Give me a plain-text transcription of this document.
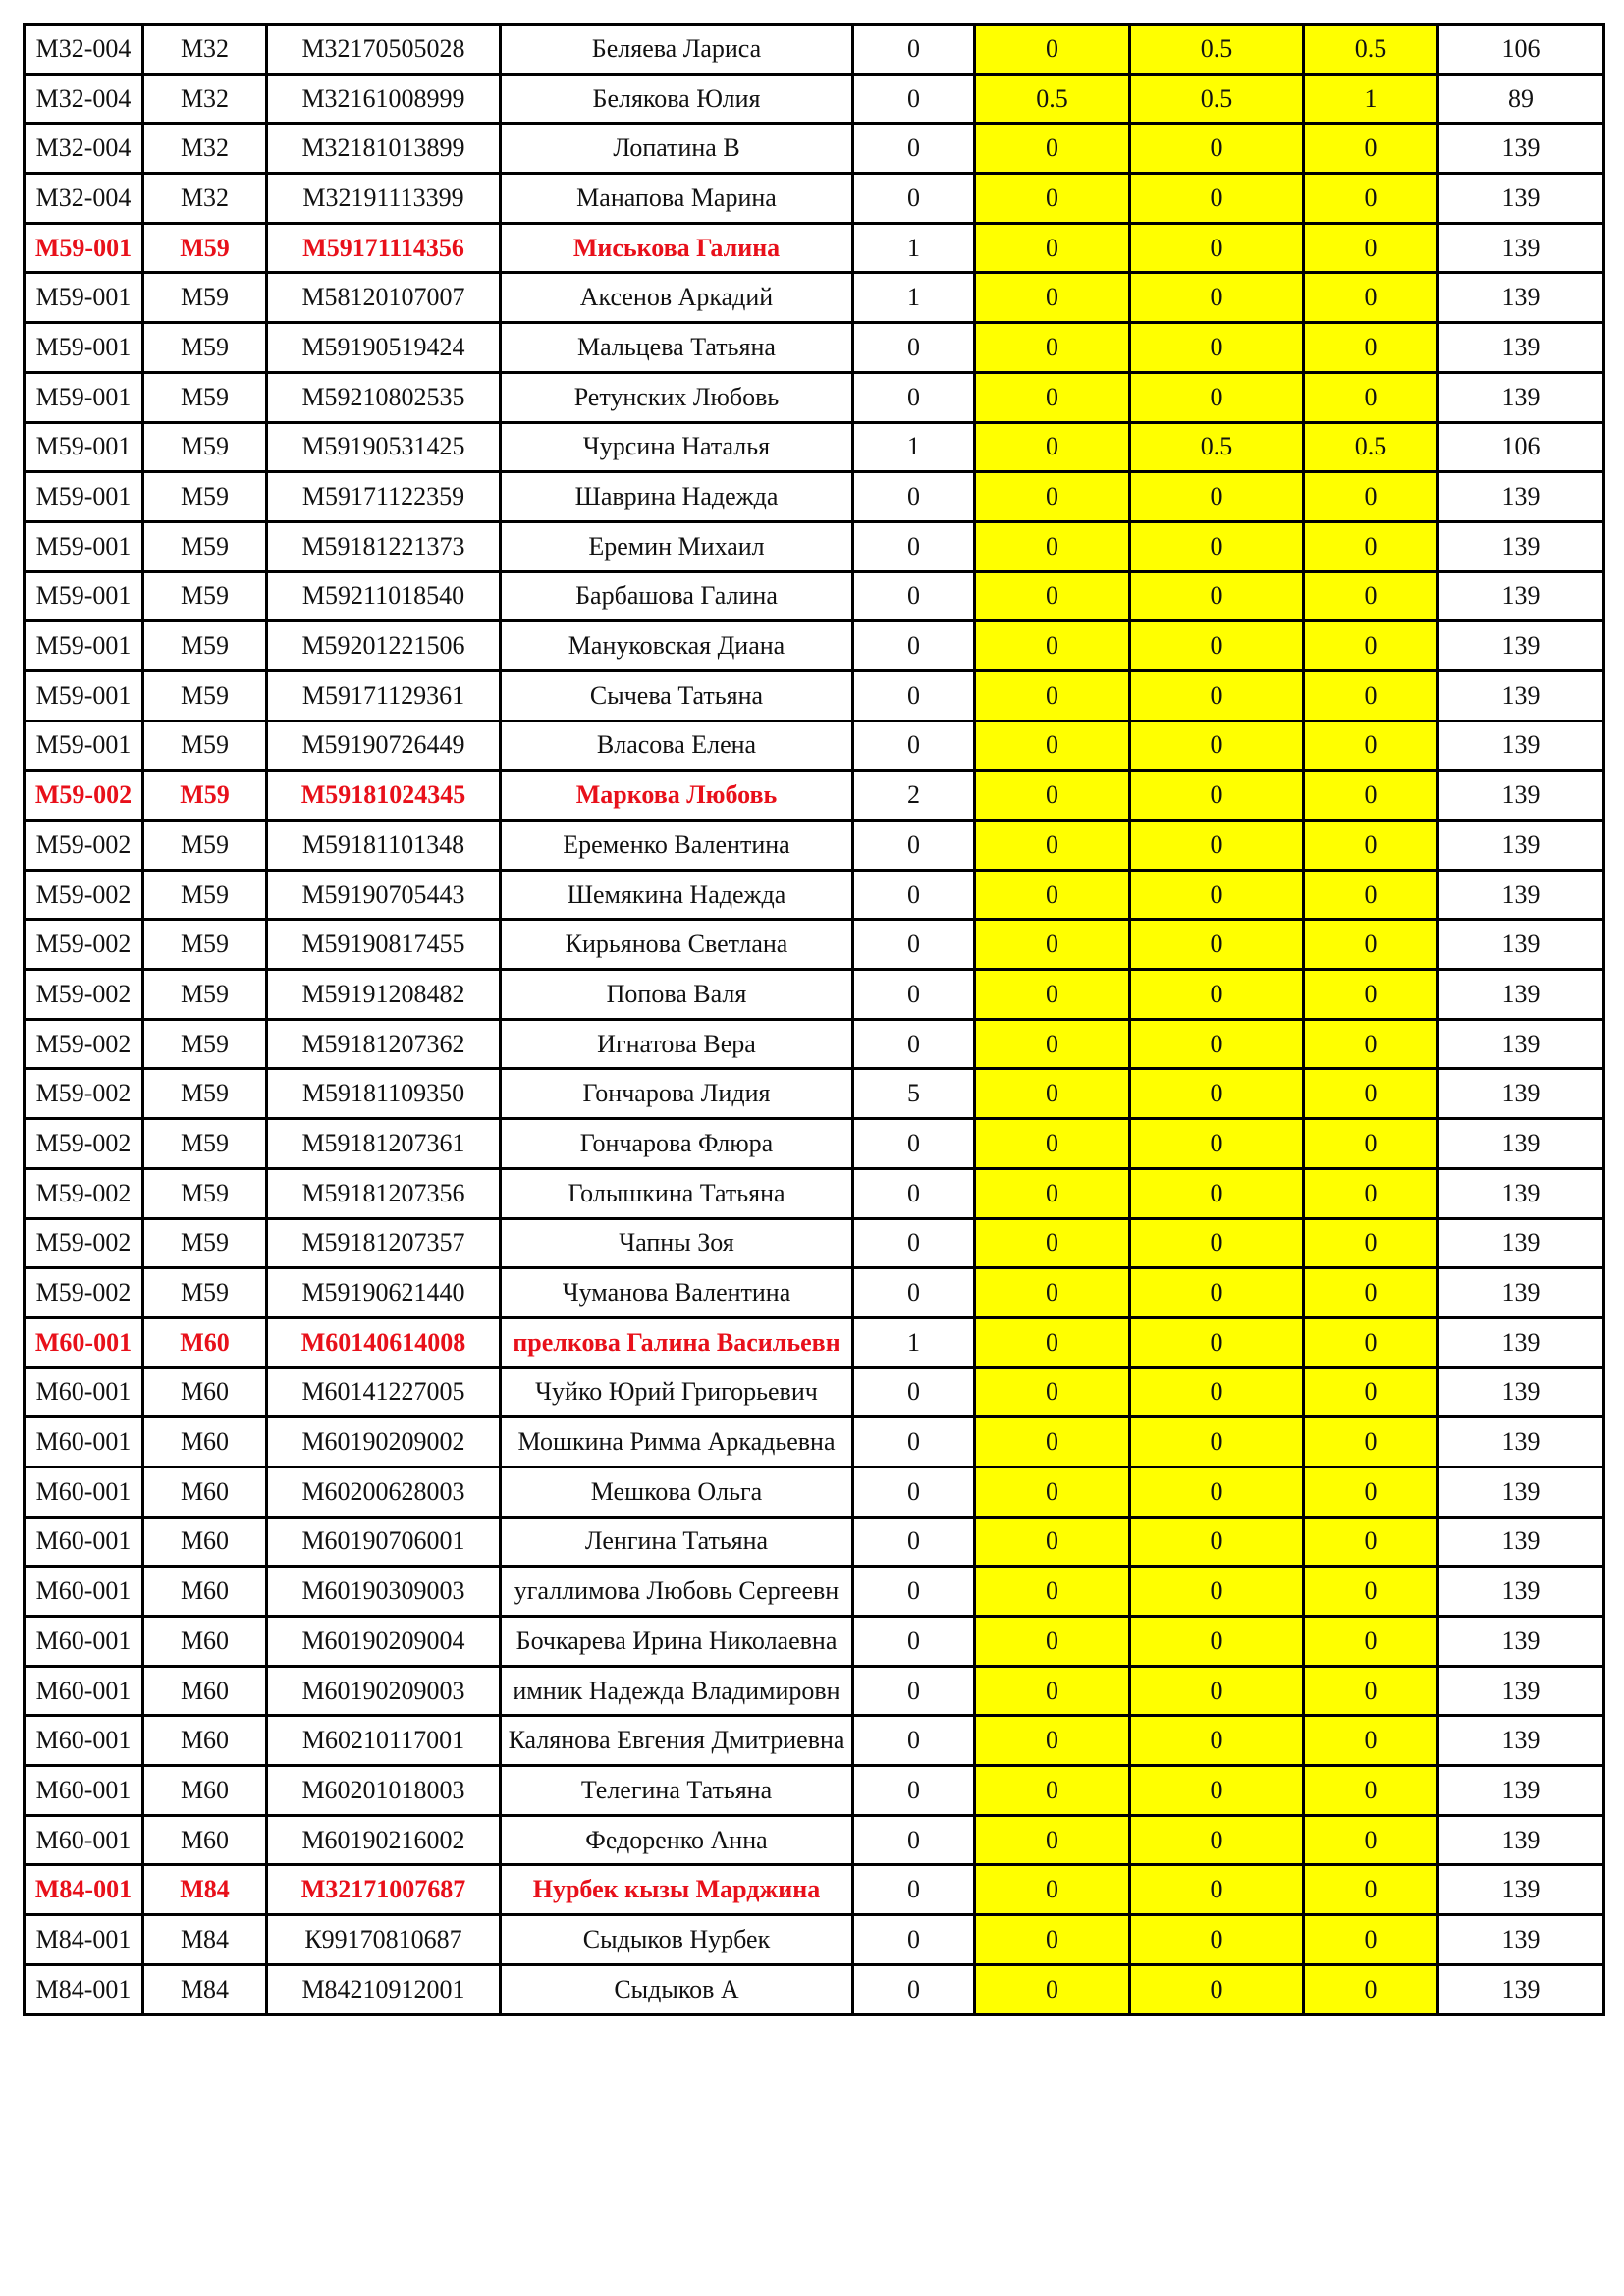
М32-004	М32	М32170505028	Беляева Лариса	0	0	0.5	0.5	106
М32-004	М32	М32161008999	Белякова Юлия	0	0.5	0.5	1	89
М32-004	М32	М32181013899	Лопатина В	0	0	0	0	139
М32-004	М32	М32191113399	Манапова Марина	0	0	0	0	139
М59-001	М59	М59171114356	Миськова Галина	1	0	0	0	139
М59-001	М59	М58120107007	Аксенов Аркадий	1	0	0	0	139
М59-001	М59	М59190519424	Мальцева Татьяна	0	0	0	0	139
М59-001	М59	М59210802535	Ретунских Любовь	0	0	0	0	139
М59-001	М59	М59190531425	Чурсина Наталья	1	0	0.5	0.5	106
М59-001	М59	М59171122359	Шаврина Надежда	0	0	0	0	139
М59-001	М59	М59181221373	Еремин Михаил	0	0	0	0	139
М59-001	М59	М59211018540	Барбашова Галина	0	0	0	0	139
М59-001	М59	М59201221506	Мануковская Диана	0	0	0	0	139
М59-001	М59	М59171129361	Сычева Татьяна	0	0	0	0	139
М59-001	М59	М59190726449	Власова Елена	0	0	0	0	139
М59-002	М59	М59181024345	Маркова Любовь	2	0	0	0	139
М59-002	М59	М59181101348	Еременко Валентина	0	0	0	0	139
М59-002	М59	М59190705443	Шемякина Надежда	0	0	0	0	139
М59-002	М59	М59190817455	Кирьянова Светлана	0	0	0	0	139
М59-002	М59	М59191208482	Попова Валя	0	0	0	0	139
М59-002	М59	М59181207362	Игнатова Вера	0	0	0	0	139
М59-002	М59	М59181109350	Гончарова Лидия	5	0	0	0	139
М59-002	М59	М59181207361	Гончарова Флюра	0	0	0	0	139
М59-002	М59	М59181207356	Голышкина Татьяна	0	0	0	0	139
М59-002	М59	М59181207357	Чапны Зоя	0	0	0	0	139
М59-002	М59	М59190621440	Чуманова Валентина	0	0	0	0	139
М60-001	М60	М60140614008	прелкова Галина Васильевн	1	0	0	0	139
М60-001	М60	М60141227005	Чуйко Юрий Григорьевич	0	0	0	0	139
М60-001	М60	М60190209002	Мошкина Римма Аркадьевна	0	0	0	0	139
М60-001	М60	М60200628003	Мешкова Ольга	0	0	0	0	139
М60-001	М60	М60190706001	Ленгина Татьяна	0	0	0	0	139
М60-001	М60	М60190309003	угаллимова Любовь Сергеевн	0	0	0	0	139
М60-001	М60	М60190209004	Бочкарева Ирина Николаевна	0	0	0	0	139
М60-001	М60	М60190209003	имник Надежда Владимировн	0	0	0	0	139
М60-001	М60	М60210117001	Калянова Евгения Дмитриевна	0	0	0	0	139
М60-001	М60	М60201018003	Телегина Татьяна	0	0	0	0	139
М60-001	М60	М60190216002	Федоренко Анна	0	0	0	0	139
М84-001	М84	М32171007687	Нурбек кызы Марджина	0	0	0	0	139
М84-001	М84	К99170810687	Сыдыков Нурбек	0	0	0	0	139
М84-001	М84	М84210912001	Сыдыков А	0	0	0	0	139
